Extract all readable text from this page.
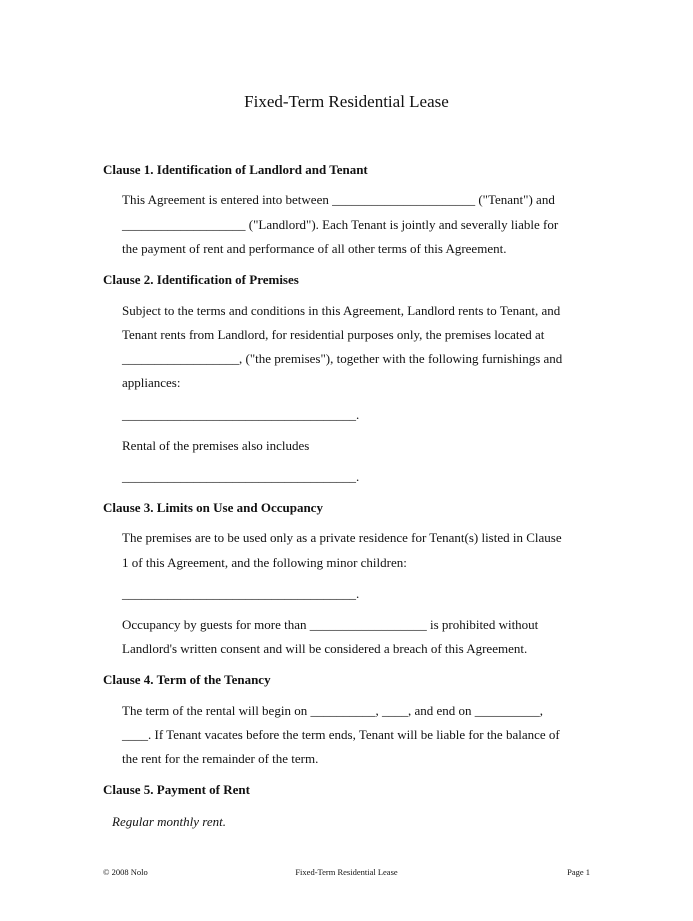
Fixed-Term Residential Lease
Clause 1. Identification of Landlord and Tenant
This Agreement is entered into between ______________________ ("Tenant") and
___________________ ("Landlord"). Each Tenant is jointly and severally liable for
the payment of rent and performance of all other terms of this Agreement.
Clause 2. Identification of Premises
Subject to the terms and conditions in this Agreement, Landlord rents to Tenant, and
Tenant rents from Landlord, for residential purposes only, the premises located at
__________________, ("the premises"), together with the following furnishings and
appliances:
____________________________________.
Rental of the premises also includes
____________________________________.
Clause 3. Limits on Use and Occupancy
The premises are to be used only as a private residence for Tenant(s) listed in Clause
1 of this Agreement, and the following minor children:
____________________________________.
Occupancy by guests for more than __________________ is prohibited without
Landlord's written consent and will be considered a breach of this Agreement.
Clause 4. Term of the Tenancy
The term of the rental will begin on __________, ____, and end on __________,
____. If Tenant vacates before the term ends, Tenant will be liable for the balance of
the rent for the remainder of the term.
Clause 5. Payment of Rent
Regular monthly rent.
© 2008 Nolo	Fixed-Term Residential Lease	Page 1
